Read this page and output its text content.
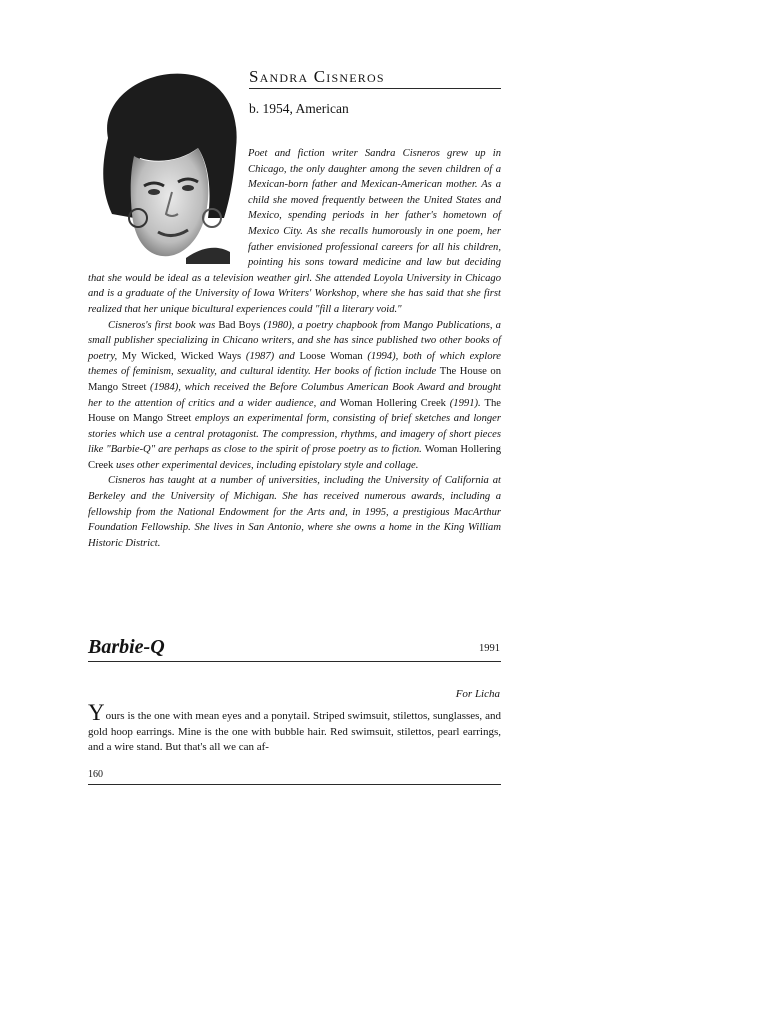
Sandra Cisneros
b. 1954, American

Poet and fiction writer Sandra Cisneros grew up in Chicago, the only daughter among the seven children of a Mexican-born father and Mexican-American mother. As a child she moved frequently between the United States and Mexico, spending periods in her father's hometown of Mexico City. As she recalls humorously in one poem, her father envisioned professional careers for all his children, pointing his sons toward medicine and law but deciding that she would be ideal as a television weather girl. She attended Loyola University in Chicago and is a graduate of the University of Iowa Writers' Workshop, where she has said that she first realized that her unique bicultural experiences could "fill a literary void."

Cisneros's first book was Bad Boys (1980), a poetry chapbook from Mango Publications, a small publisher specializing in Chicano writers, and she has since published two other books of poetry, My Wicked, Wicked Ways (1987) and Loose Woman (1994), both of which explore themes of feminism, sexuality, and cultural identity. Her books of fiction include The House on Mango Street (1984), which received the Before Columbus American Book Award and brought her to the attention of critics and a wider audience, and Woman Hollering Creek (1991). The House on Mango Street employs an experimental form, consisting of brief sketches and longer stories which use a central protagonist. The compression, rhythms, and imagery of short pieces like "Barbie-Q" are perhaps as close to the spirit of prose poetry as to fiction. Woman Hollering Creek uses other experimental devices, including epistolary style and collage.

Cisneros has taught at a number of universities, including the University of California at Berkeley and the University of Michigan. She has received numerous awards, including a fellowship from the National Endowment for the Arts and, in 1995, a prestigious MacArthur Foundation Fellowship. She lives in San Antonio, where she owns a home in the King William Historic District.

Barbie-Q	1991
For Licha

Yours is the one with mean eyes and a ponytail. Striped swimsuit, stilettos, sunglasses, and gold hoop earrings. Mine is the one with bubble hair. Red swimsuit, stilettos, pearl earrings, and a wire stand. But that's all we can af-

160
